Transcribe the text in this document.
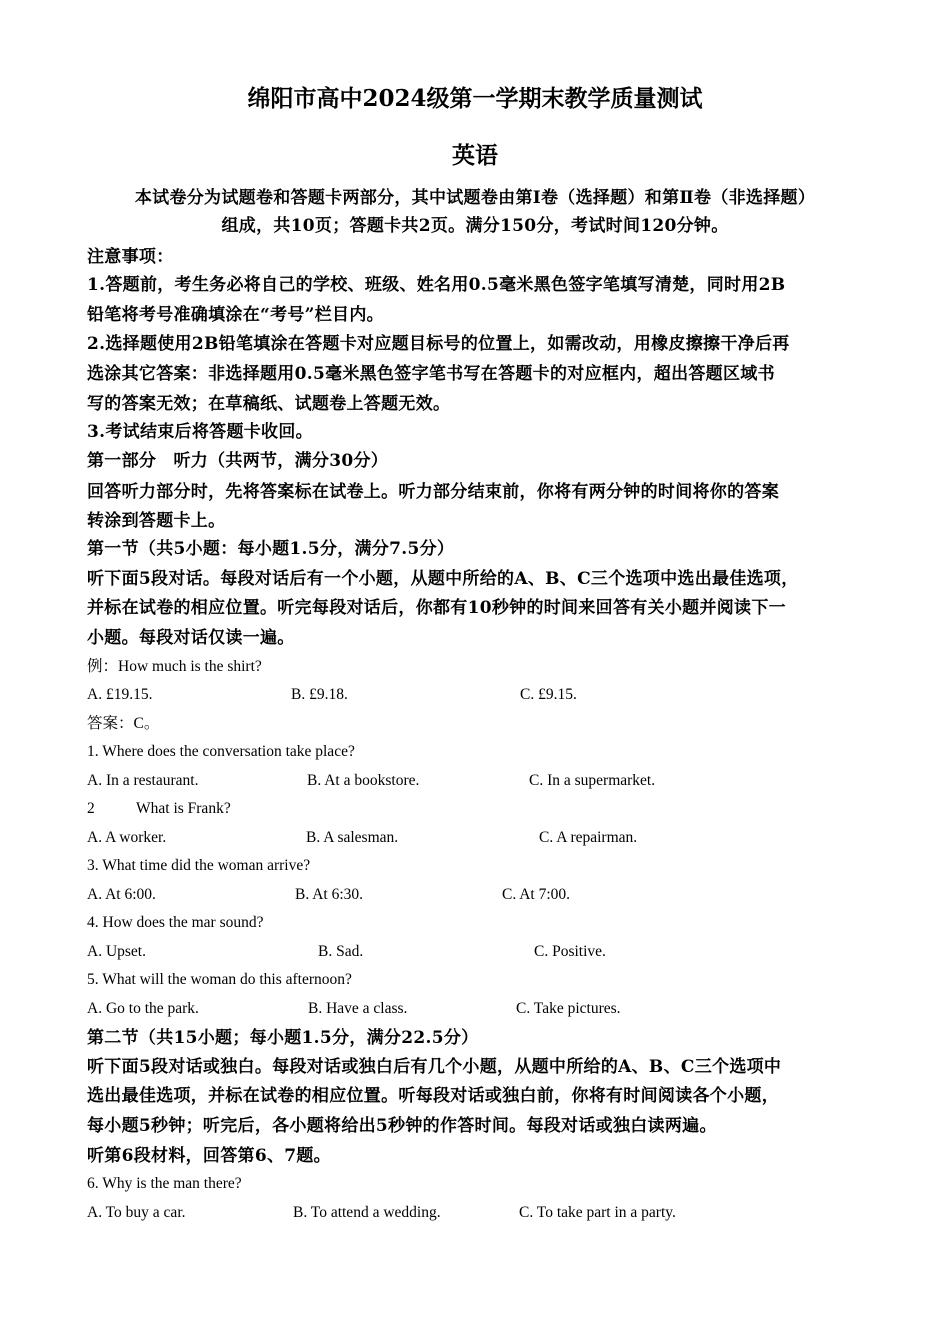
绵阳市高中2024级第一学期末教学质量测试
英语
本试卷分为试题卷和答题卡两部分，其中试题卷由第Ⅰ卷（选择题）和第Ⅱ卷（非选择题）
组成，共10页；答题卡共2页。满分150分，考试时间120分钟。
注意事项：
1.答题前，考生务必将自己的学校、班级、姓名用0.5毫米黑色签字笔填写清楚，同时用2B
铅笔将考号准确填涂在“考号”栏目内。
2.选择题使用2B铅笔填涂在答题卡对应题目标号的位置上，如需改动，用橡皮擦擦干净后再
选涂其它答案：非选择题用0.5毫米黑色签字笔书写在答题卡的对应框内，超出答题区域书
写的答案无效；在草稿纸、试题卷上答题无效。
3.考试结束后将答题卡收回。
第一部分　听力（共两节，满分30分）
回答听力部分时，先将答案标在试卷上。听力部分结束前，你将有两分钟的时间将你的答案
转涂到答题卡上。
第一节（共5小题：每小题1.5分，满分7.5分）
听下面5段对话。每段对话后有一个小题，从题中所给的A、B、C三个选项中选出最佳选项，
并标在试卷的相应位置。听完每段对话后，你都有10秒钟的时间来回答有关小题并阅读下一
小题。每段对话仅读一遍。
例：How much is the shirt?
A. £19.15.	B. £9.18.	C. £9.15.
答案：C。
1. Where does the conversation take place?
A. In a restaurant.	B. At a bookstore.	C. In a supermarket.
2	What is Frank?
A. A worker.	B. A salesman.	C. A repairman.
3. What time did the woman arrive?
A. At 6:00.	B. At 6:30.	C. At 7:00.
4. How does the mar sound?
A. Upset.	B. Sad.	C. Positive.
5. What will the woman do this afternoon?
A. Go to the park.	B. Have a class.	C. Take pictures.
第二节（共15小题；每小题1.5分，满分22.5分）
听下面5段对话或独白。每段对话或独白后有几个小题，从题中所给的A、B、C三个选项中
选出最佳选项，并标在试卷的相应位置。听每段对话或独白前，你将有时间阅读各个小题，
每小题5秒钟；听完后，各小题将给出5秒钟的作答时间。每段对话或独白读两遍。
听第6段材料，回答第6、7题。
6. Why is the man there?
A. To buy a car.	B. To attend a wedding.	C. To take part in a party.
